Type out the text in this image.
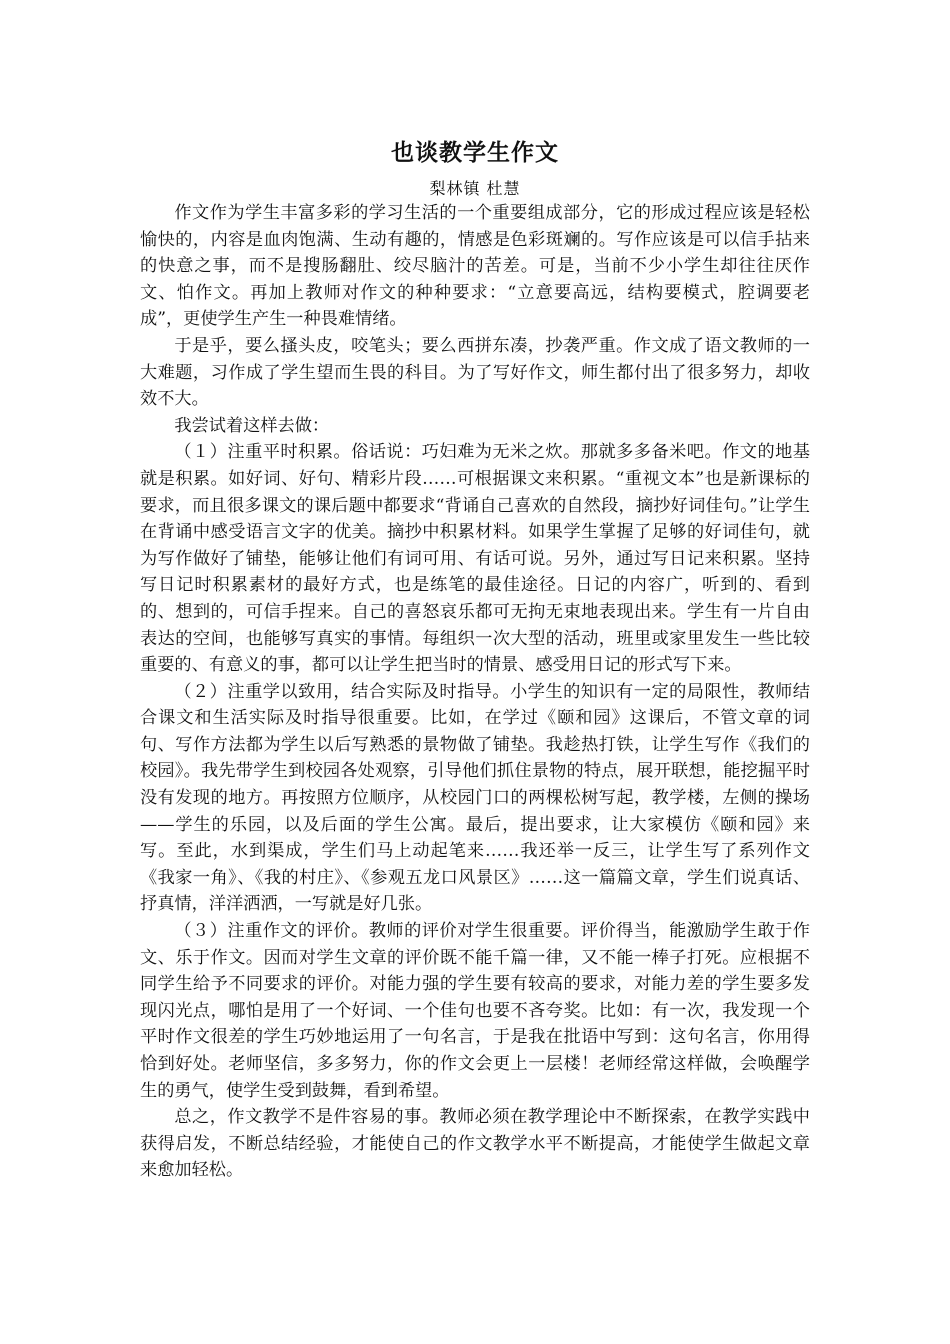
也谈教学生作文
梨林镇 杜慧

作文作为学生丰富多彩的学习生活的一个重要组成部分，它的形成过程应该是轻松愉快的，内容是血肉饱满、生动有趣的，情感是色彩斑斓的。写作应该是可以信手拈来的快意之事，而不是搜肠翻肚、绞尽脑汁的苦差。可是，当前不少小学生却往往厌作文、怕作文。再加上教师对作文的种种要求：“立意要高远，结构要模式，腔调要老成”，更使学生产生一种畏难情绪。

于是乎，要么搔头皮，咬笔头；要么西拼东凑，抄袭严重。作文成了语文教师的一大难题，习作成了学生望而生畏的科目。为了写好作文，师生都付出了很多努力，却收效不大。

我尝试着这样去做：

（１）注重平时积累。俗话说：巧妇难为无米之炊。那就多多备米吧。作文的地基就是积累。如好词、好句、精彩片段……可根据课文来积累。“重视文本”也是新课标的要求，而且很多课文的课后题中都要求“背诵自己喜欢的自然段，摘抄好词佳句。”让学生在背诵中感受语言文字的优美。摘抄中积累材料。如果学生掌握了足够的好词佳句，就为写作做好了铺垫，能够让他们有词可用、有话可说。另外，通过写日记来积累。坚持写日记时积累素材的最好方式，也是练笔的最佳途径。日记的内容广，听到的、看到的、想到的，可信手捏来。自己的喜怒哀乐都可无拘无束地表现出来。学生有一片自由表达的空间，也能够写真实的事情。每组织一次大型的活动，班里或家里发生一些比较重要的、有意义的事，都可以让学生把当时的情景、感受用日记的形式写下来。

（２）注重学以致用，结合实际及时指导。小学生的知识有一定的局限性，教师结合课文和生活实际及时指导很重要。比如，在学过《颐和园》这课后，不管文章的词句、写作方法都为学生以后写熟悉的景物做了铺垫。我趁热打铁，让学生写作《我们的校园》。我先带学生到校园各处观察，引导他们抓住景物的特点，展开联想，能挖掘平时没有发现的地方。再按照方位顺序，从校园门口的两棵松树写起，教学楼，左侧的操场——学生的乐园，以及后面的学生公寓。最后，提出要求，让大家模仿《颐和园》来写。至此，水到渠成，学生们马上动起笔来……我还举一反三，让学生写了系列作文《我家一角》、《我的村庄》、《参观五龙口风景区》……这一篇篇文章，学生们说真话、抒真情，洋洋洒洒，一写就是好几张。

（３）注重作文的评价。教师的评价对学生很重要。评价得当，能激励学生敢于作文、乐于作文。因而对学生文章的评价既不能千篇一律，又不能一棒子打死。应根据不同学生给予不同要求的评价。对能力强的学生要有较高的要求，对能力差的学生要多发现闪光点，哪怕是用了一个好词、一个佳句也要不吝夸奖。比如：有一次，我发现一个平时作文很差的学生巧妙地运用了一句名言，于是我在批语中写到：这句名言，你用得恰到好处。老师坚信，多多努力，你的作文会更上一层楼！老师经常这样做，会唤醒学生的勇气，使学生受到鼓舞，看到希望。

总之，作文教学不是件容易的事。教师必须在教学理论中不断探索，在教学实践中获得启发，不断总结经验，才能使自己的作文教学水平不断提高，才能使学生做起文章来愈加轻松。
